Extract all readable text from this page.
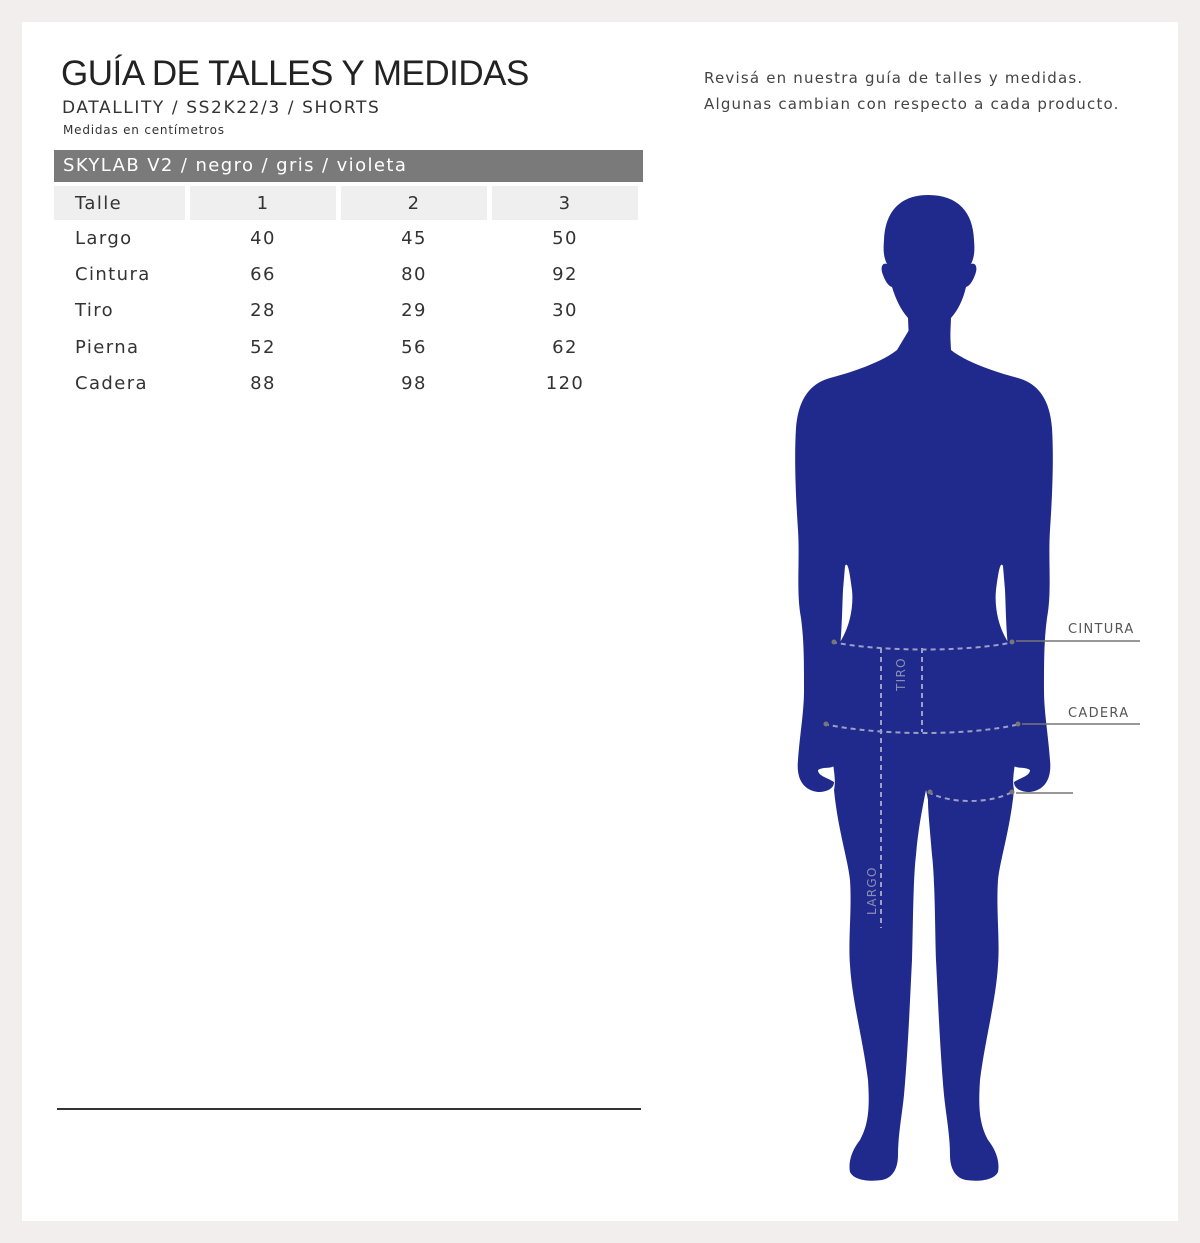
GUÍA DE TALLES Y MEDIDAS
DATALLITY / SS2K22/3 / SHORTS
Medidas en centímetros
Revisá en nuestra guía de talles y medidas.
Algunas cambian con respecto a cada producto.
SKYLAB V2 / negro / gris / violeta
Talle	1	2	3
Largo	40	45	50
Cintura	66	80	92
Tiro	28	29	30
Pierna	52	56	62
Cadera	88	98	120
CINTURA
CADERA
TIRO
LARGO
